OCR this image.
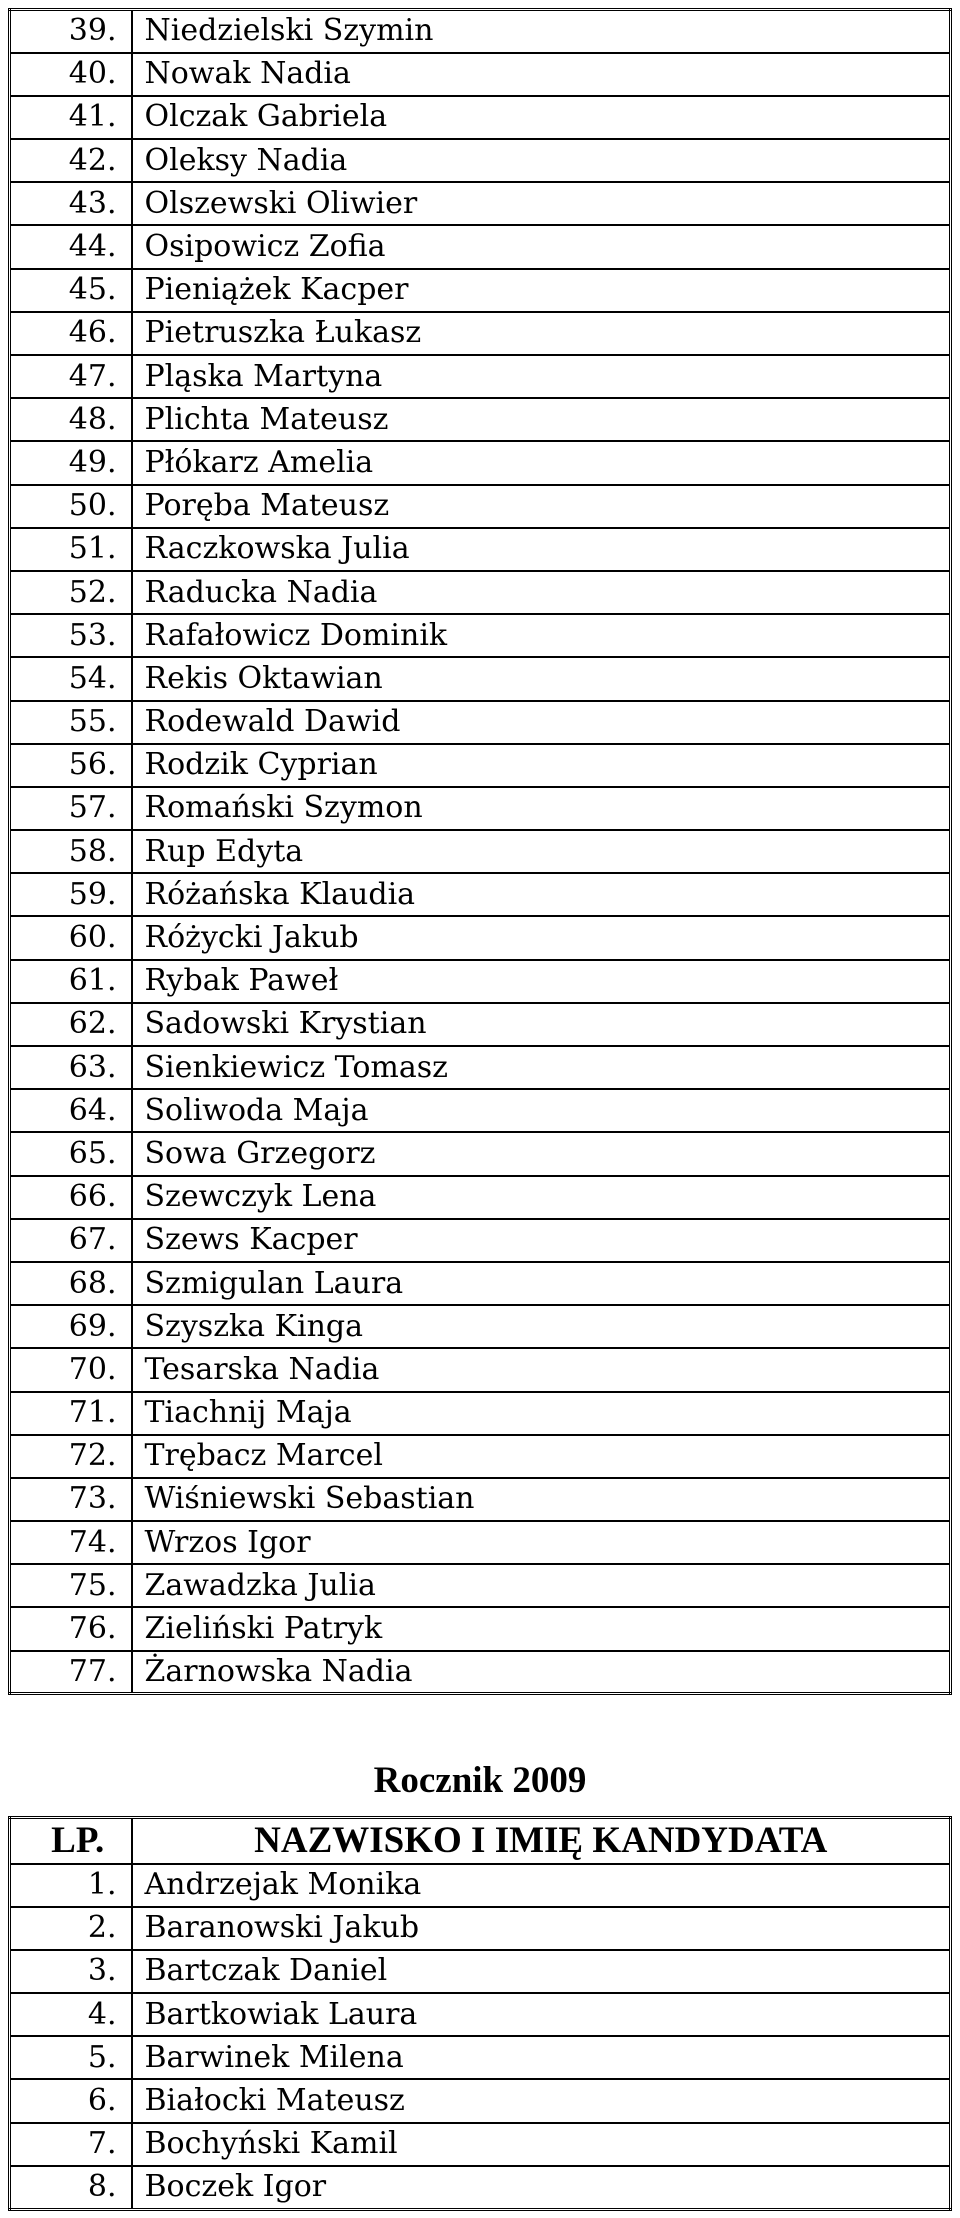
39.	Niedzielski Szymin
40.	Nowak Nadia
41.	Olczak Gabriela
42.	Oleksy Nadia
43.	Olszewski Oliwier
44.	Osipowicz Zofia
45.	Pieniążek Kacper
46.	Pietruszka Łukasz
47.	Pląska Martyna
48.	Plichta Mateusz
49.	Płókarz Amelia
50.	Poręba Mateusz
51.	Raczkowska Julia
52.	Raducka Nadia
53.	Rafałowicz Dominik
54.	Rekis Oktawian
55.	Rodewald Dawid
56.	Rodzik Cyprian
57.	Romański Szymon
58.	Rup Edyta
59.	Różańska Klaudia
60.	Różycki Jakub
61.	Rybak Paweł
62.	Sadowski Krystian
63.	Sienkiewicz Tomasz
64.	Soliwoda Maja
65.	Sowa Grzegorz
66.	Szewczyk Lena
67.	Szews Kacper
68.	Szmigulan Laura
69.	Szyszka Kinga
70.	Tesarska Nadia
71.	Tiachnij Maja
72.	Trębacz Marcel
73.	Wiśniewski Sebastian
74.	Wrzos Igor
75.	Zawadzka Julia
76.	Zieliński Patryk
77.	Żarnowska Nadia
Rocznik 2009
LP.	NAZWISKO I IMIĘ KANDYDATA
1.	Andrzejak Monika
2.	Baranowski Jakub
3.	Bartczak Daniel
4.	Bartkowiak Laura
5.	Barwinek Milena
6.	Białocki Mateusz
7.	Bochyński Kamil
8.	Boczek Igor
